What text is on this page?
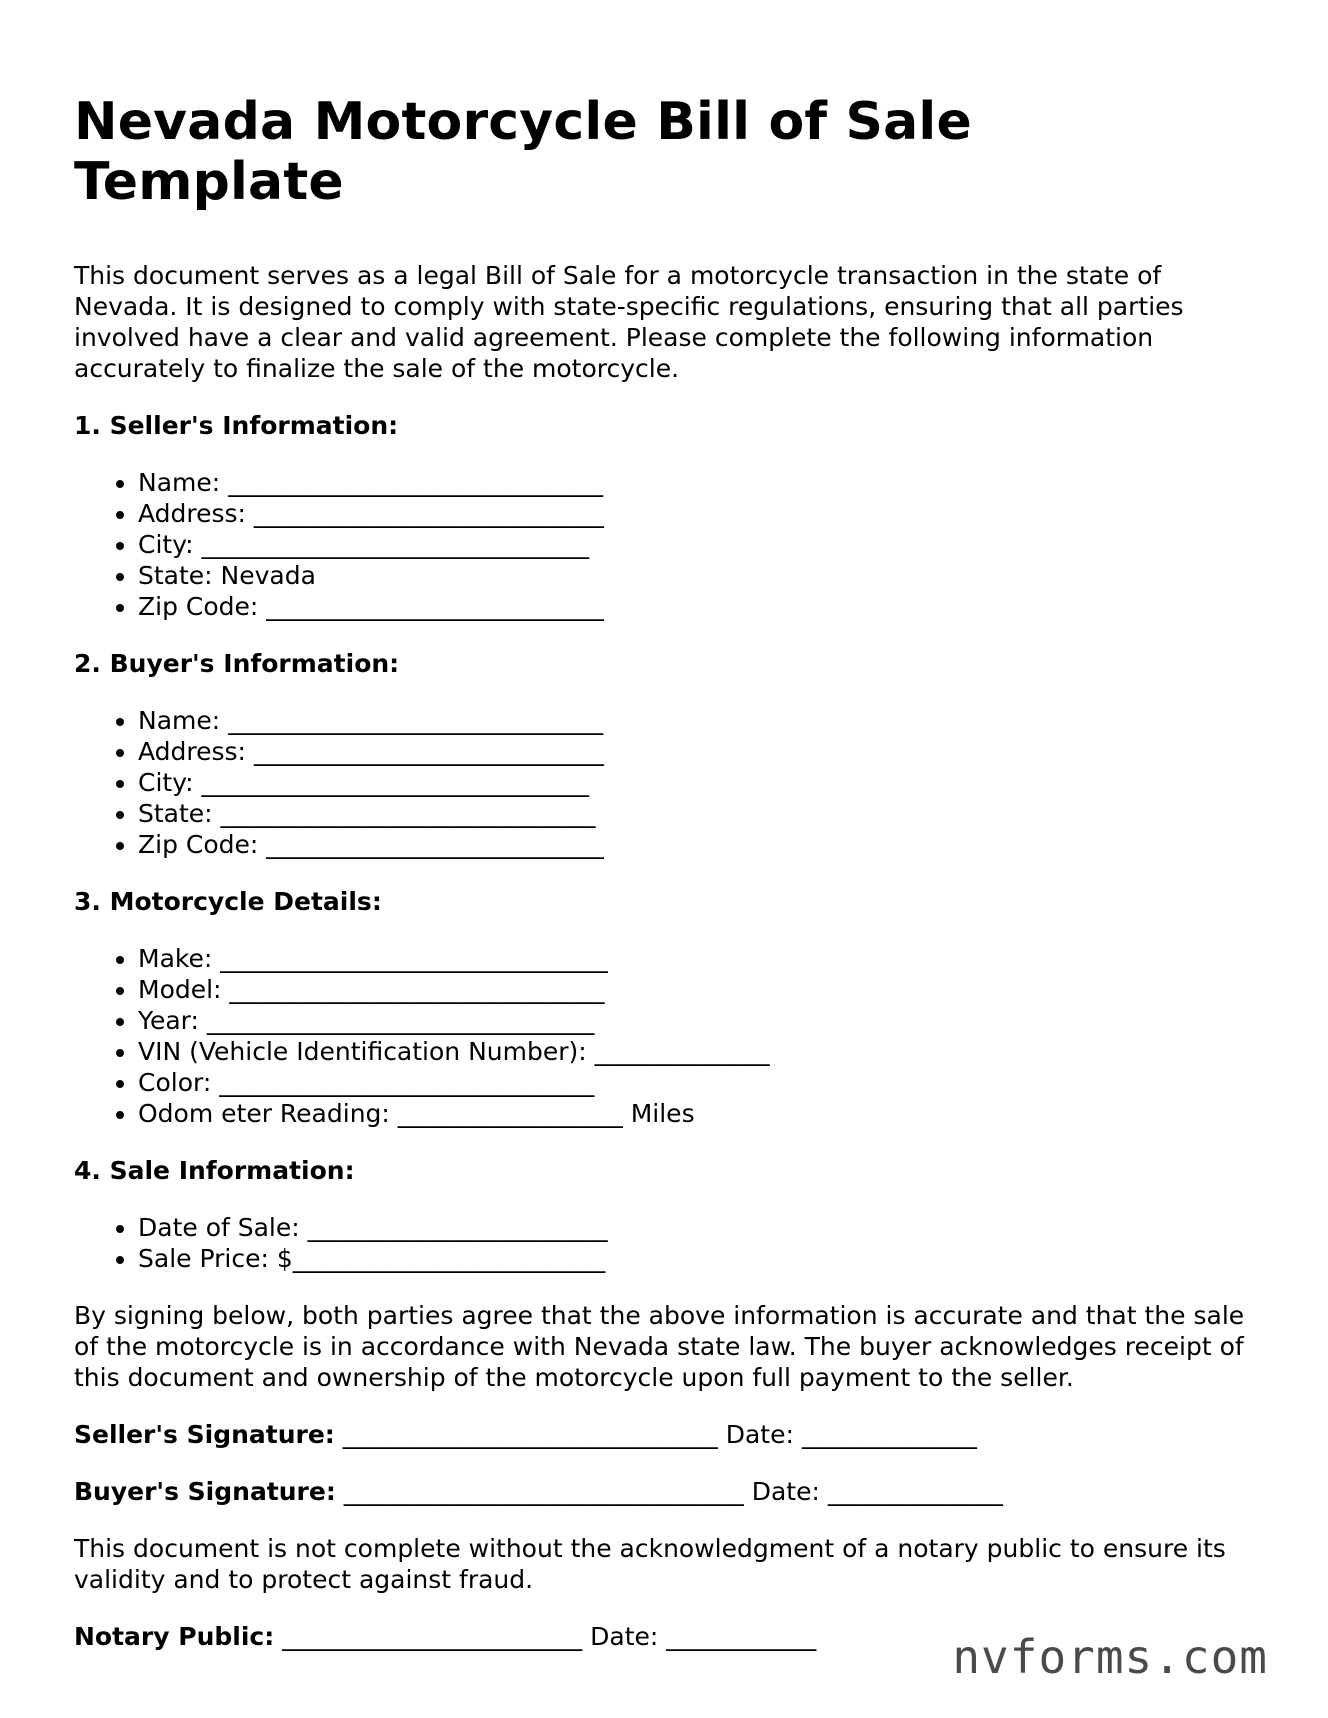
Nevada Motorcycle Bill of Sale Template

This document serves as a legal Bill of Sale for a motorcycle transaction in the state of Nevada. It is designed to comply with state-specific regulations, ensuring that all parties involved have a clear and valid agreement. Please complete the following information accurately to finalize the sale of the motorcycle.

1. Seller's Information:
• Name: ______________________________
• Address: ____________________________
• City: _______________________________
• State: Nevada
• Zip Code: ___________________________
2. Buyer's Information:
• Name: ______________________________
• Address: ____________________________
• City: _______________________________
• State: ______________________________
• Zip Code: ___________________________
3. Motorcycle Details:
• Make: _______________________________
• Model: ______________________________
• Year: _______________________________
• VIN (Vehicle Identification Number): ______________
• Color: ______________________________
• Odom eter Reading: __________________ Miles
4. Sale Information:
• Date of Sale: ________________________
• Sale Price: $_________________________

By signing below, both parties agree that the above information is accurate and that the sale of the motorcycle is in accordance with Nevada state law. The buyer acknowledges receipt of this document and ownership of the motorcycle upon full payment to the seller.

Seller's Signature: ______________________________ Date: ______________

Buyer's Signature: ________________________________ Date: ______________

This document is not complete without the acknowledgment of a notary public to ensure its validity and to protect against fraud.

Notary Public: ________________________ Date: ____________	nvforms.com
